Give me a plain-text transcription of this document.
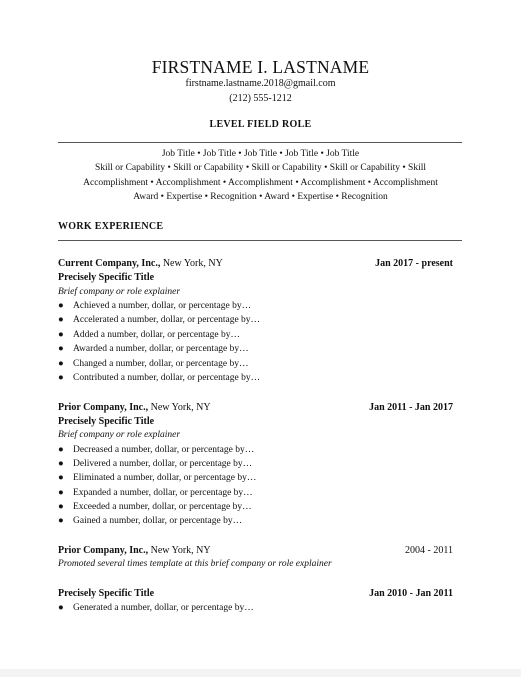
FIRSTNAME I. LASTNAME
firstname.lastname.2018@gmail.com
(212) 555-1212
LEVEL FIELD ROLE
Job Title • Job Title • Job Title • Job Title • Job Title
Skill or Capability • Skill or Capability • Skill or Capability • Skill or Capability • Skill
Accomplishment • Accomplishment • Accomplishment • Accomplishment • Accomplishment
Award • Expertise • Recognition • Award • Expertise • Recognition
WORK EXPERIENCE
Current Company, Inc., New York, NY	Jan 2017 - present
Precisely Specific Title
Brief company or role explainer
● Achieved a number, dollar, or percentage by…
● Accelerated a number, dollar, or percentage by…
● Added a number, dollar, or percentage by…
● Awarded a number, dollar, or percentage by…
● Changed a number, dollar, or percentage by…
● Contributed a number, dollar, or percentage by…
Prior Company, Inc., New York, NY	Jan 2011 - Jan 2017
Precisely Specific Title
Brief company or role explainer
● Decreased a number, dollar, or percentage by…
● Delivered a number, dollar, or percentage by…
● Eliminated a number, dollar, or percentage by…
● Expanded a number, dollar, or percentage by…
● Exceeded a number, dollar, or percentage by…
● Gained a number, dollar, or percentage by…
Prior Company, Inc., New York, NY	2004 - 2011
Promoted several times template at this brief company or role explainer
Precisely Specific Title	Jan 2010 - Jan 2011
● Generated a number, dollar, or percentage by…
